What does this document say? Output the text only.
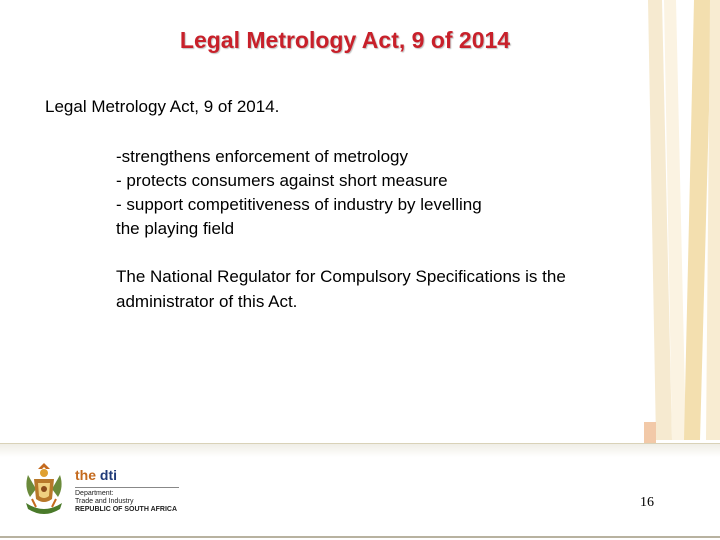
Legal Metrology Act, 9 of 2014
Legal Metrology Act, 9 of 2014.
-strengthens enforcement of metrology
- protects consumers against short measure
- support competitiveness of industry by levelling
the playing field
The National Regulator for Compulsory Specifications is the
administrator of this Act.
the dti
Department:
Trade and Industry
REPUBLIC OF SOUTH AFRICA	16
